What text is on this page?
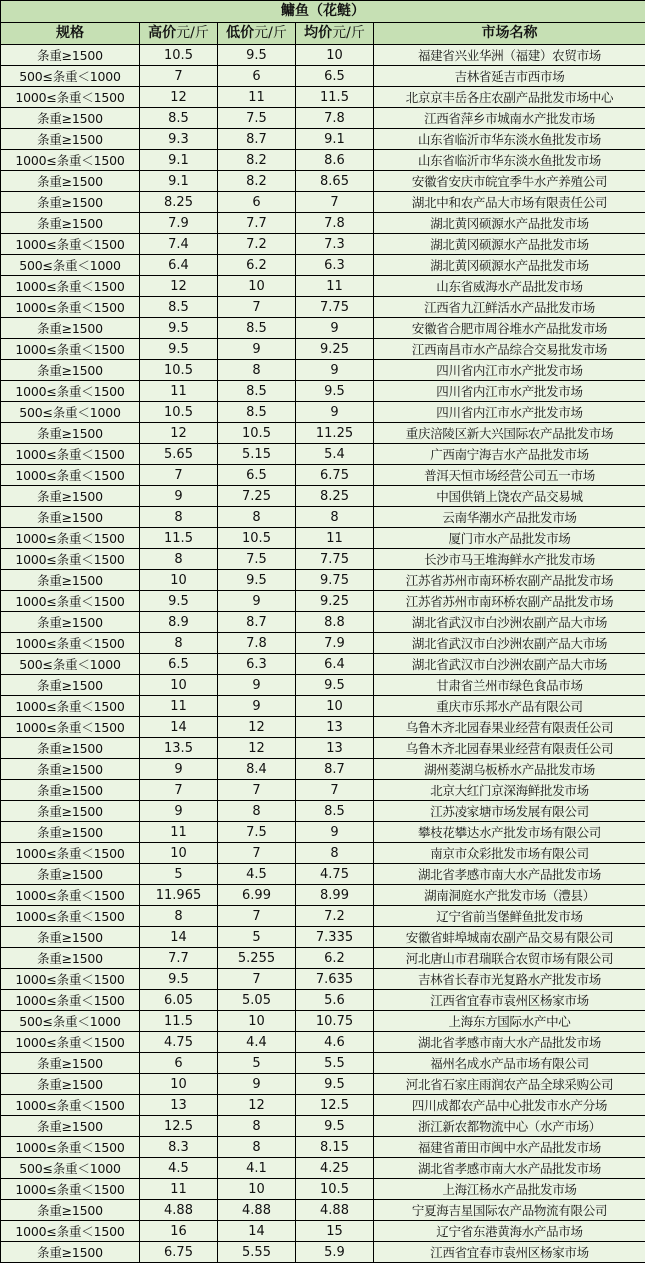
鳙鱼（花鲢）				
规格	高价元/斤	低价元/斤	均价元/斤	市场名称
条重≥1500	10.5	9.5	10	福建省兴业华洲（福建）农贸市场
500≤条重＜1000	7	6	6.5	吉林省延吉市西市场
1000≤条重＜1500	12	11	11.5	北京京丰岳各庄农副产品批发市场中心
条重≥1500	8.5	7.5	7.8	江西省萍乡市城南水产批发市场
条重≥1500	9.3	8.7	9.1	山东省临沂市华东淡水鱼批发市场
1000≤条重＜1500	9.1	8.2	8.6	山东省临沂市华东淡水鱼批发市场
条重≥1500	9.1	8.2	8.65	安徽省安庆市皖宜季牛水产养殖公司
条重≥1500	8.25	6	7	湖北中和农产品大市场有限责任公司
条重≥1500	7.9	7.7	7.8	湖北黄冈硕源水产品批发市场
1000≤条重＜1500	7.4	7.2	7.3	湖北黄冈硕源水产品批发市场
500≤条重＜1000	6.4	6.2	6.3	湖北黄冈硕源水产品批发市场
1000≤条重＜1500	12	10	11	山东省威海水产品批发市场
1000≤条重＜1500	8.5	7	7.75	江西省九江鲜活水产品批发市场
条重≥1500	9.5	8.5	9	安徽省合肥市周谷堆水产品批发市场
1000≤条重＜1500	9.5	9	9.25	江西南昌市水产品综合交易批发市场
条重≥1500	10.5	8	9	四川省内江市水产批发市场
1000≤条重＜1500	11	8.5	9.5	四川省内江市水产批发市场
500≤条重＜1000	10.5	8.5	9	四川省内江市水产批发市场
条重≥1500	12	10.5	11.25	重庆涪陵区新大兴国际农产品批发市场
1000≤条重＜1500	5.65	5.15	5.4	广西南宁海吉水产品批发市场
1000≤条重＜1500	7	6.5	6.75	普洱天恒市场经营公司五一市场
条重≥1500	9	7.25	8.25	中国供销上饶农产品交易城
条重≥1500	8	8	8	云南华潮水产品批发市场
1000≤条重＜1500	11.5	10.5	11	厦门市水产品批发市场
1000≤条重＜1500	8	7.5	7.75	长沙市马王堆海鲜水产批发市场
条重≥1500	10	9.5	9.75	江苏省苏州市南环桥农副产品批发市场
1000≤条重＜1500	9.5	9	9.25	江苏省苏州市南环桥农副产品批发市场
条重≥1500	8.9	8.7	8.8	湖北省武汉市白沙洲农副产品大市场
1000≤条重＜1500	8	7.8	7.9	湖北省武汉市白沙洲农副产品大市场
500≤条重＜1000	6.5	6.3	6.4	湖北省武汉市白沙洲农副产品大市场
条重≥1500	10	9	9.5	甘肃省兰州市绿色食品市场
1000≤条重＜1500	11	9	10	重庆市乐邦水产品有限公司
1000≤条重＜1500	14	12	13	乌鲁木齐北园春果业经营有限责任公司
条重≥1500	13.5	12	13	乌鲁木齐北园春果业经营有限责任公司
条重≥1500	9	8.4	8.7	湖州菱湖乌板桥水产品批发市场
条重≥1500	7	7	7	北京大红门京深海鲜批发市场
条重≥1500	9	8	8.5	江苏凌家塘市场发展有限公司
条重≥1500	11	7.5	9	攀枝花攀达水产批发市场有限公司
1000≤条重＜1500	10	7	8	南京市众彩批发市场有限公司
条重≥1500	5	4.5	4.75	湖北省孝感市南大水产品批发市场
1000≤条重＜1500	11.965	6.99	8.99	湖南洞庭水产批发市场（澧县）
1000≤条重＜1500	8	7	7.2	辽宁省前当堡鲜鱼批发市场
条重≥1500	14	5	7.335	安徽省蚌埠城南农副产品交易有限公司
条重≥1500	7.7	5.255	6.2	河北唐山市君瑞联合农贸市场有限公司
1000≤条重＜1500	9.5	7	7.635	吉林省长春市光复路水产批发市场
1000≤条重＜1500	6.05	5.05	5.6	江西省宜春市袁州区杨家市场
500≤条重＜1000	11.5	10	10.75	上海东方国际水产中心
1000≤条重＜1500	4.75	4.4	4.6	湖北省孝感市南大水产品批发市场
条重≥1500	6	5	5.5	福州名成水产品市场有限公司
条重≥1500	10	9	9.5	河北省石家庄雨润农产品全球采购公司
1000≤条重＜1500	13	12	12.5	四川成都农产品中心批发市水产分场
条重≥1500	12.5	8	9.5	浙江新农都物流中心（水产市场）
1000≤条重＜1500	8.3	8	8.15	福建省莆田市闽中水产品批发市场
500≤条重＜1000	4.5	4.1	4.25	湖北省孝感市南大水产品批发市场
1000≤条重＜1500	11	10	10.5	上海江杨水产品批发市场
条重≥1500	4.88	4.88	4.88	宁夏海吉星国际农产品物流有限公司
1000≤条重＜1500	16	14	15	辽宁省东港黄海水产品市场
条重≥1500	6.75	5.55	5.9	江西省宜春市袁州区杨家市场
